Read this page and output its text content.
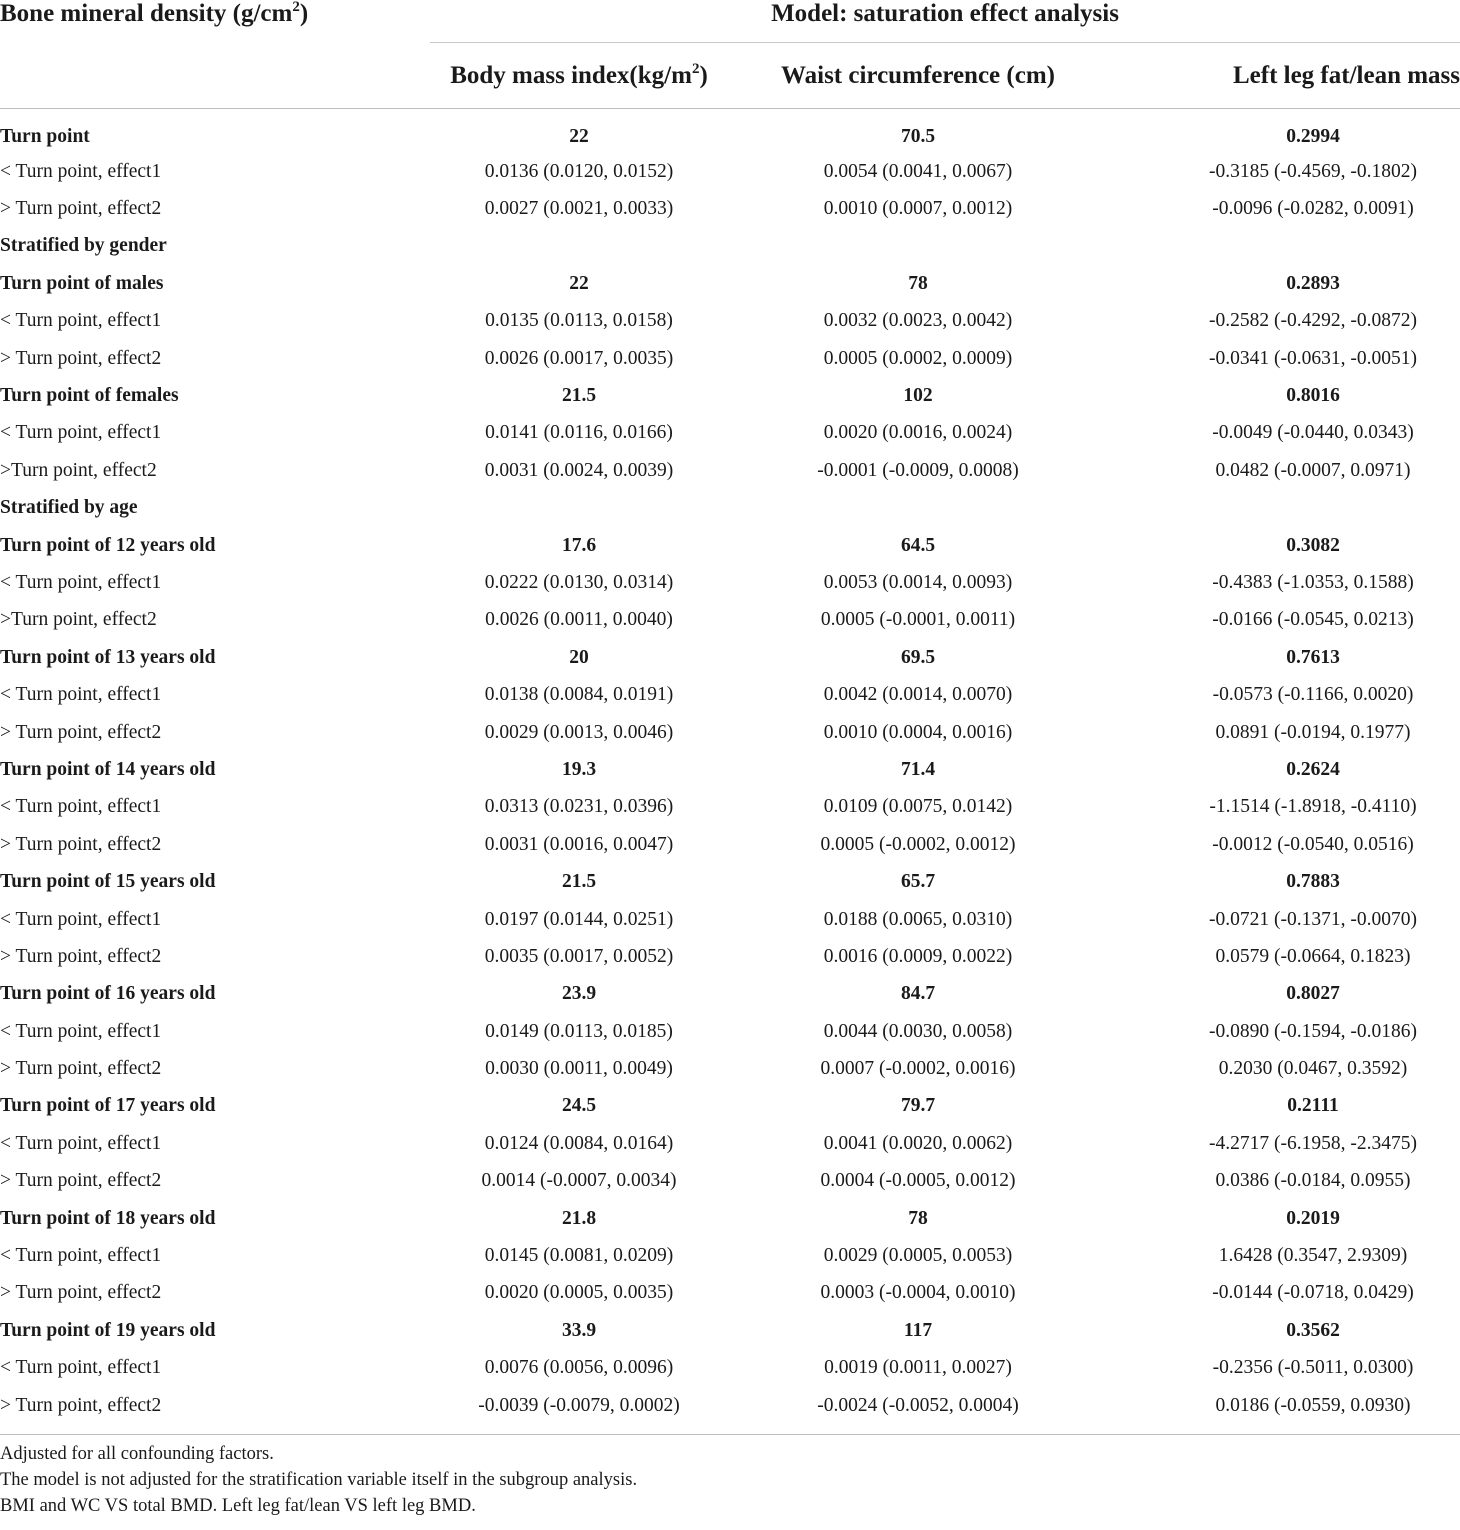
Bone mineral density $(g/cm^2)$	Model: saturation effect analysis		
	Body mass $index(kg/m^2)$	Waist circumference (cm)	Left leg fat/lean mass
Turn point	22	70.5	0.2994
< Turn point, effect1	0.0136 (0.0120, 0.0152)	0.0054 (0.0041, 0.0067)	-0.3185 (-0.4569, -0.1802)
> Turn point, effect2	0.0027 (0.0021, 0.0033)	0.0010 (0.0007, 0.0012)	-0.0096 (-0.0282, 0.0091)
Stratified by gender			
Turn point of males	22	78	0.2893
< Turn point, effect1	0.0135 (0.0113, 0.0158)	0.0032 (0.0023, 0.0042)	-0.2582 (-0.4292, -0.0872)
> Turn point, effect2	0.0026 (0.0017, 0.0035)	0.0005 (0.0002, 0.0009)	-0.0341 (-0.0631, -0.0051)
Turn point of females	21.5	102	0.8016
< Turn point, effect1	0.0141 (0.0116, 0.0166)	0.0020 (0.0016, 0.0024)	-0.0049 (-0.0440, 0.0343)
>Turn point, effect2	0.0031 (0.0024, 0.0039)	-0.0001 (-0.0009, 0.0008)	0.0482 (-0.0007, 0.0971)
Stratified by age			
Turn point of 12 years old	17.6	64.5	0.3082
< Turn point, effect1	0.0222 (0.0130, 0.0314)	0.0053 (0.0014, 0.0093)	-0.4383 (-1.0353, 0.1588)
>Turn point, effect2	0.0026 (0.0011, 0.0040)	0.0005 (-0.0001, 0.0011)	-0.0166 (-0.0545, 0.0213)
Turn point of 13 years old	20	69.5	0.7613
< Turn point, effect1	0.0138 (0.0084, 0.0191)	0.0042 (0.0014, 0.0070)	-0.0573 (-0.1166, 0.0020)
> Turn point, effect2	0.0029 (0.0013, 0.0046)	0.0010 (0.0004, 0.0016)	0.0891 (-0.0194, 0.1977)
Turn point of 14 years old	19.3	71.4	0.2624
< Turn point, effect1	0.0313 (0.0231, 0.0396)	0.0109 (0.0075, 0.0142)	-1.1514 (-1.8918, -0.4110)
> Turn point, effect2	0.0031 (0.0016, 0.0047)	0.0005 (-0.0002, 0.0012)	-0.0012 (-0.0540, 0.0516)
Turn point of 15 years old	21.5	65.7	0.7883
< Turn point, effect1	0.0197 (0.0144, 0.0251)	0.0188 (0.0065, 0.0310)	-0.0721 (-0.1371, -0.0070)
> Turn point, effect2	0.0035 (0.0017, 0.0052)	0.0016 (0.0009, 0.0022)	0.0579 (-0.0664, 0.1823)
Turn point of 16 years old	23.9	84.7	0.8027
< Turn point, effect1	0.0149 (0.0113, 0.0185)	0.0044 (0.0030, 0.0058)	-0.0890 (-0.1594, -0.0186)
> Turn point, effect2	0.0030 (0.0011, 0.0049)	0.0007 (-0.0002, 0.0016)	0.2030 (0.0467, 0.3592)
Turn point of 17 years old	24.5	79.7	0.2111
< Turn point, effect1	0.0124 (0.0084, 0.0164)	0.0041 (0.0020, 0.0062)	-4.2717 (-6.1958, -2.3475)
> Turn point, effect2	0.0014 (-0.0007, 0.0034)	0.0004 (-0.0005, 0.0012)	0.0386 (-0.0184, 0.0955)
Turn point of 18 years old	21.8	78	0.2019
< Turn point, effect1	0.0145 (0.0081, 0.0209)	0.0029 (0.0005, 0.0053)	1.6428 (0.3547, 2.9309)
> Turn point, effect2	0.0020 (0.0005, 0.0035)	0.0003 (-0.0004, 0.0010)	-0.0144 (-0.0718, 0.0429)
Turn point of 19 years old	33.9	117	0.3562
< Turn point, effect1	0.0076 (0.0056, 0.0096)	0.0019 (0.0011, 0.0027)	-0.2356 (-0.5011, 0.0300)
> Turn point, effect2	-0.0039 (-0.0079, 0.0002)	-0.0024 (-0.0052, 0.0004)	0.0186 (-0.0559, 0.0930)
Adjusted for all confounding factors.
The model is not adjusted for the stratification variable itself in the subgroup analysis.
BMI and WC VS total BMD. Left leg fat/lean VS left leg BMD.
